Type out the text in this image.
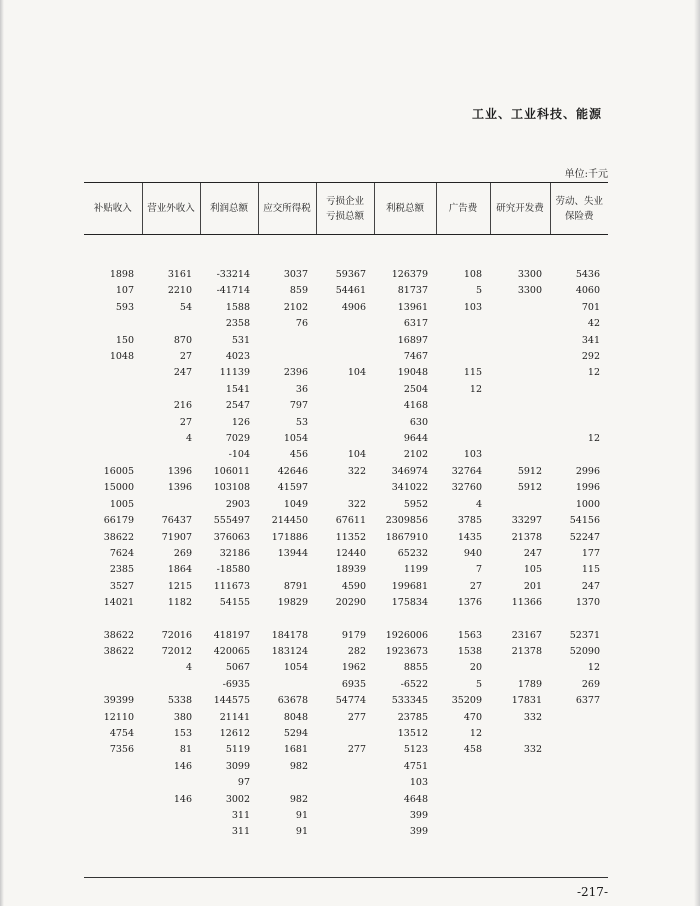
工业、工业科技、能源
单位:千元
补贴收入	营业外收入	利润总额	应交所得税	亏损企业
亏损总额	利税总额	广告费	研究开发费	劳动、失业
保险费

1898	3161	-33214	3037	59367	126379	108	3300	5436
107	2210	-41714	859	54461	81737	5	3300	4060
593	54	1588	2102	4906	13961	103		701
		2358	76		6317			42
150	870	531			16897			341
1048	27	4023			7467			292
	247	11139	2396	104	19048	115		12
		1541	36		2504	12		
	216	2547	797		4168			
	27	126	53		630			
	4	7029	1054		9644			12
		-104	456	104	2102	103		
16005	1396	106011	42646	322	346974	32764	5912	2996
15000	1396	103108	41597		341022	32760	5912	1996
1005		2903	1049	322	5952	4		1000
66179	76437	555497	214450	67611	2309856	3785	33297	54156
38622	71907	376063	171886	11352	1867910	1435	21378	52247
7624	269	32186	13944	12440	65232	940	247	177
2385	1864	-18580		18939	1199	7	105	115
3527	1215	111673	8791	4590	199681	27	201	247
14021	1182	54155	19829	20290	175834	1376	11366	1370

38622	72016	418197	184178	9179	1926006	1563	23167	52371
38622	72012	420065	183124	282	1923673	1538	21378	52090
	4	5067	1054	1962	8855	20		12
		-6935		6935	-6522	5	1789	269
39399	5338	144575	63678	54774	533345	35209	17831	6377
12110	380	21141	8048	277	23785	470	332	
4754	153	12612	5294		13512	12		
7356	81	5119	1681	277	5123	458	332	
	146	3099	982		4751			
		97			103			
	146	3002	982		4648			
		311	91		399			
		311	91		399			
-217-
